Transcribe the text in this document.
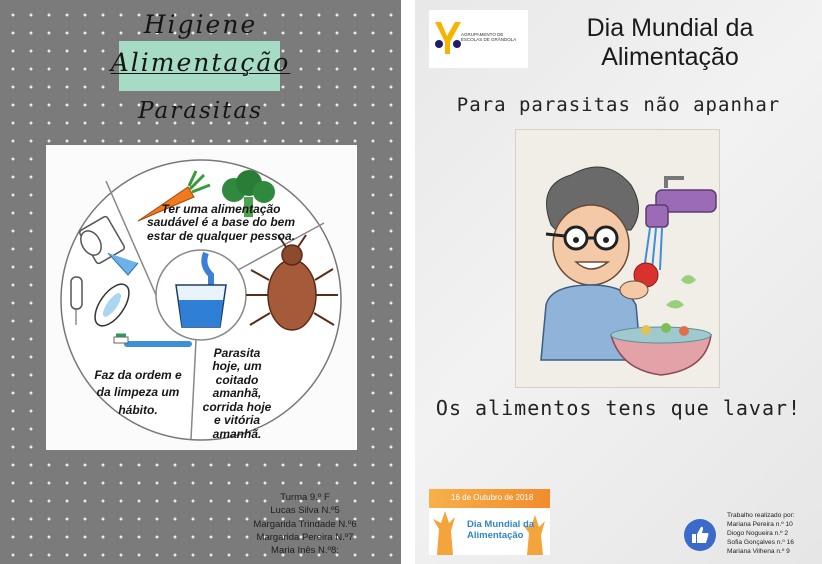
Higiene
Alimentação
Parasitas
Ter uma alimentação saudável é a base do bem estar de qualquer pessoa.
Faz da ordem e da limpeza um hábito.
Parasita hoje, um coitado amanhã, corrida hoje e vitória amanhã.
Turma 9.º F
Lucas Silva N.º5
Margarida Trindade N.º6
Margarida Pereira N.º7
Maria Inês N.º8:
AGRUPAMENTO DE ESCOLAS DE GRÂNDOLA	Dia Mundial da Alimentação
Para parasitas não apanhar
Os alimentos tens que lavar!
16 de Outubro de 2018
Dia Mundial da Alimentação
Trabalho realizado por:
Mariana Pereira n.º 10
Diogo Nogueira n.º 2
Sofia Gonçalves n.º 16
Mariana Vilhena n.º 9
